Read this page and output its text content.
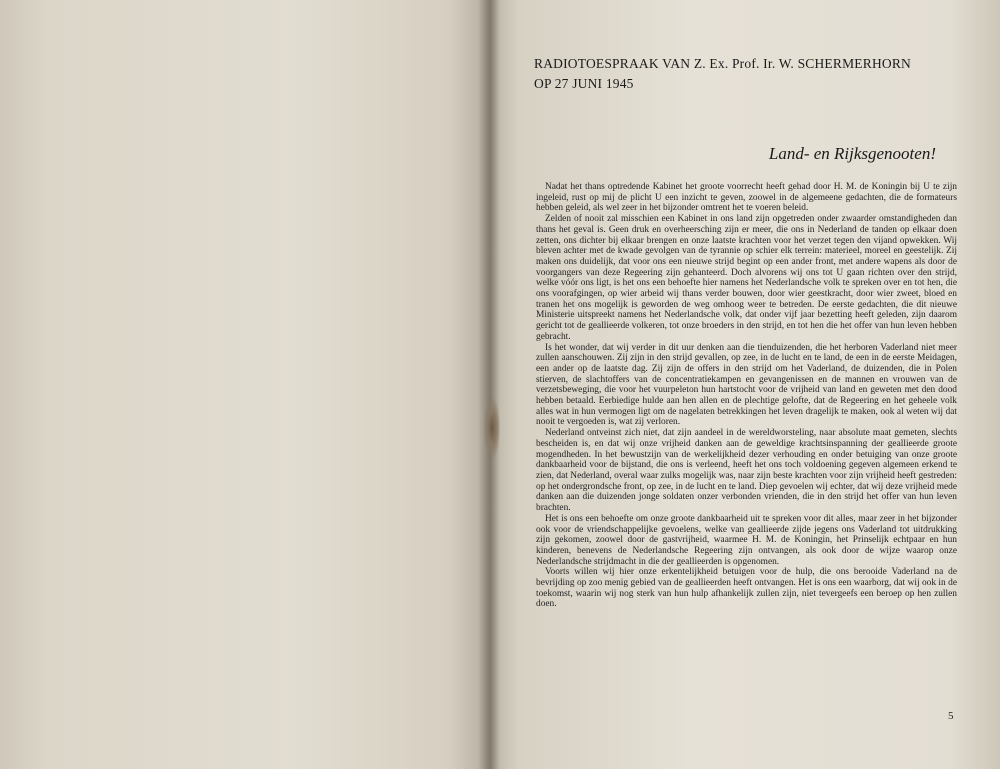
RADIOTOESPRAAK VAN Z. Ex. Prof. Ir. W. SCHERMERHORN
OP 27 JUNI 1945
Land- en Rijksgenooten!

Nadat het thans optredende Kabinet het groote voorrecht heeft gehad door H. M. de Koningin bij U te zijn ingeleid, rust op mij de plicht U een inzicht te geven, zoowel in de algemeene gedachten, die de formateurs hebben geleid, als wel zeer in het bijzonder omtrent het te voeren beleid.

Zelden of nooit zal misschien een Kabinet in ons land zijn opgetreden onder zwaarder omstandigheden dan thans het geval is. Geen druk en overheersching zijn er meer, die ons in Nederland de tanden op elkaar doen zetten, ons dichter bij elkaar brengen en onze laatste krachten voor het verzet tegen den vijand opwekken. Wij bleven achter met de kwade gevolgen van de tyrannie op schier elk terrein: materieel, moreel en geestelijk. Zij maken ons duidelijk, dat voor ons een nieuwe strijd begint op een ander front, met andere wapens als door de voorgangers van deze Regeering zijn gehanteerd. Doch alvorens wij ons tot U gaan richten over den strijd, welke vóór ons ligt, is het ons een behoefte hier namens het Nederlandsche volk te spreken over en tot hen, die ons voorafgingen, op wier arbeid wij thans verder bouwen, door wier geestkracht, door wier zweet, bloed en tranen het ons mogelijk is geworden de weg omhoog weer te betreden. De eerste gedachten, die dit nieuwe Ministerie uitspreekt namens het Nederlandsche volk, dat onder vijf jaar bezetting heeft geleden, zijn daarom gericht tot de geallieerde volkeren, tot onze broeders in den strijd, en tot hen die het offer van hun leven hebben gebracht.

Is het wonder, dat wij verder in dit uur denken aan die tienduizenden, die het herboren Vaderland niet meer zullen aanschouwen. Zij zijn in den strijd gevallen, op zee, in de lucht en te land, de een in de eerste Meidagen, een ander op de laatste dag. Zij zijn de offers in den strijd om het Vaderland, de duizenden, die in Polen stierven, de slachtoffers van de concentratiekampen en gevangenissen en de mannen en vrouwen van de verzetsbeweging, die voor het vuurpeleton hun hartstocht voor de vrijheid van land en geweten met den dood hebben betaald. Eerbiedige hulde aan hen allen en de plechtige gelofte, dat de Regeering en het geheele volk alles wat in hun vermogen ligt om de nagelaten betrekkingen het leven dragelijk te maken, ook al weten wij dat nooit te vergoeden is, wat zij verloren.

Nederland ontveinst zich niet, dat zijn aandeel in de wereldworsteling, naar absolute maat gemeten, slechts bescheiden is, en dat wij onze vrijheid danken aan de geweldige krachtsinspanning der geallieerde groote mogendheden. In het bewustzijn van de werkelijkheid dezer verhouding en onder betuiging van onze groote dankbaarheid voor de bijstand, die ons is verleend, heeft het ons toch voldoening gegeven algemeen erkend te zien, dat Nederland, overal waar zulks mogelijk was, naar zijn beste krachten voor zijn vrijheid heeft gestreden: op het ondergrondsche front, op zee, in de lucht en te land. Diep gevoelen wij echter, dat wij deze vrijheid mede danken aan die duizenden jonge soldaten onzer verbonden vrienden, die in den strijd het offer van hun leven brachten.

Het is ons een behoefte om onze groote dankbaarheid uit te spreken voor dit alles, maar zeer in het bijzonder ook voor de vriendschappelijke gevoelens, welke van geallieerde zijde jegens ons Vaderland tot uitdrukking zijn gekomen, zoowel door de gastvrijheid, waarmee H. M. de Koningin, het Prinselijk echtpaar en hun kinderen, benevens de Nederlandsche Regeering zijn ontvangen, als ook door de wijze waarop onze Nederlandsche strijdmacht in die der geallieerden is opgenomen.

Voorts willen wij hier onze erkentelijkheid betuigen voor de hulp, die ons berooide Vaderland na de bevrijding op zoo menig gebied van de geallieerden heeft ontvangen. Het is ons een waarborg, dat wij ook in de toekomst, waarin wij nog sterk van hun hulp afhankelijk zullen zijn, niet tevergeefs een beroep op hen zullen doen.

5
